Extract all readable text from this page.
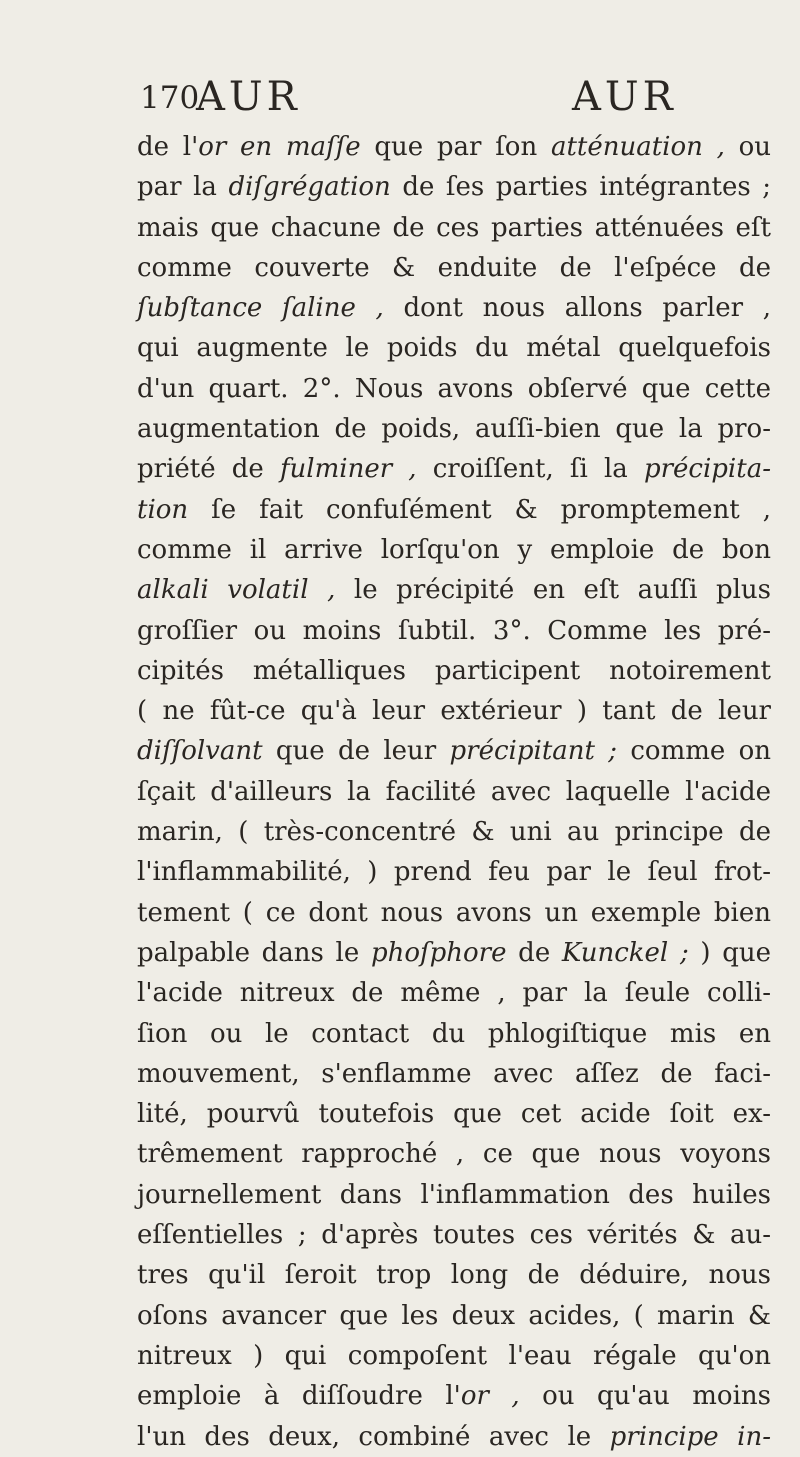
170
AUR	AUR
de l'or en maſſe que par ſon atténuation , ou
par la diſgrégation de ſes parties intégrantes ;
mais que chacune de ces parties atténuées eſt
comme couverte & enduite de l'eſpéce de
ſubſtance ſaline , dont nous allons parler ,
qui augmente le poids du métal quelquefois
d'un quart. 2°. Nous avons obſervé que cette
augmentation de poids, auſſi-bien que la pro-
priété de fulminer , croiſſent, ſi la précipita-
tion ſe fait confuſément & promptement ,
comme il arrive lorſqu'on y emploie de bon
alkali volatil , le précipité en eſt auſſi plus
groſſier ou moins ſubtil. 3°. Comme les pré-
cipités métalliques participent notoirement
( ne fût-ce qu'à leur extérieur ) tant de leur
diſſolvant que de leur précipitant ; comme on
ſçait d'ailleurs la facilité avec laquelle l'acide
marin, ( très-concentré & uni au principe de
l'inflammabilité, ) prend feu par le ſeul frot-
tement ( ce dont nous avons un exemple bien
palpable dans le phoſphore de Kunckel ; ) que
l'acide nitreux de même , par la ſeule colli-
ſion ou le contact du phlogiſtique mis en
mouvement, s'enflamme avec aſſez de faci-
lité, pourvû toutefois que cet acide ſoit ex-
trêmement rapproché , ce que nous voyons
journellement dans l'inflammation des huiles
eſſentielles ; d'après toutes ces vérités & au-
tres qu'il ſeroit trop long de déduire, nous
oſons avancer que les deux acides, ( marin &
nitreux ) qui compoſent l'eau régale qu'on
emploie à diſſoudre l'or , ou qu'au moins
l'un des deux, combiné avec le principe in-
